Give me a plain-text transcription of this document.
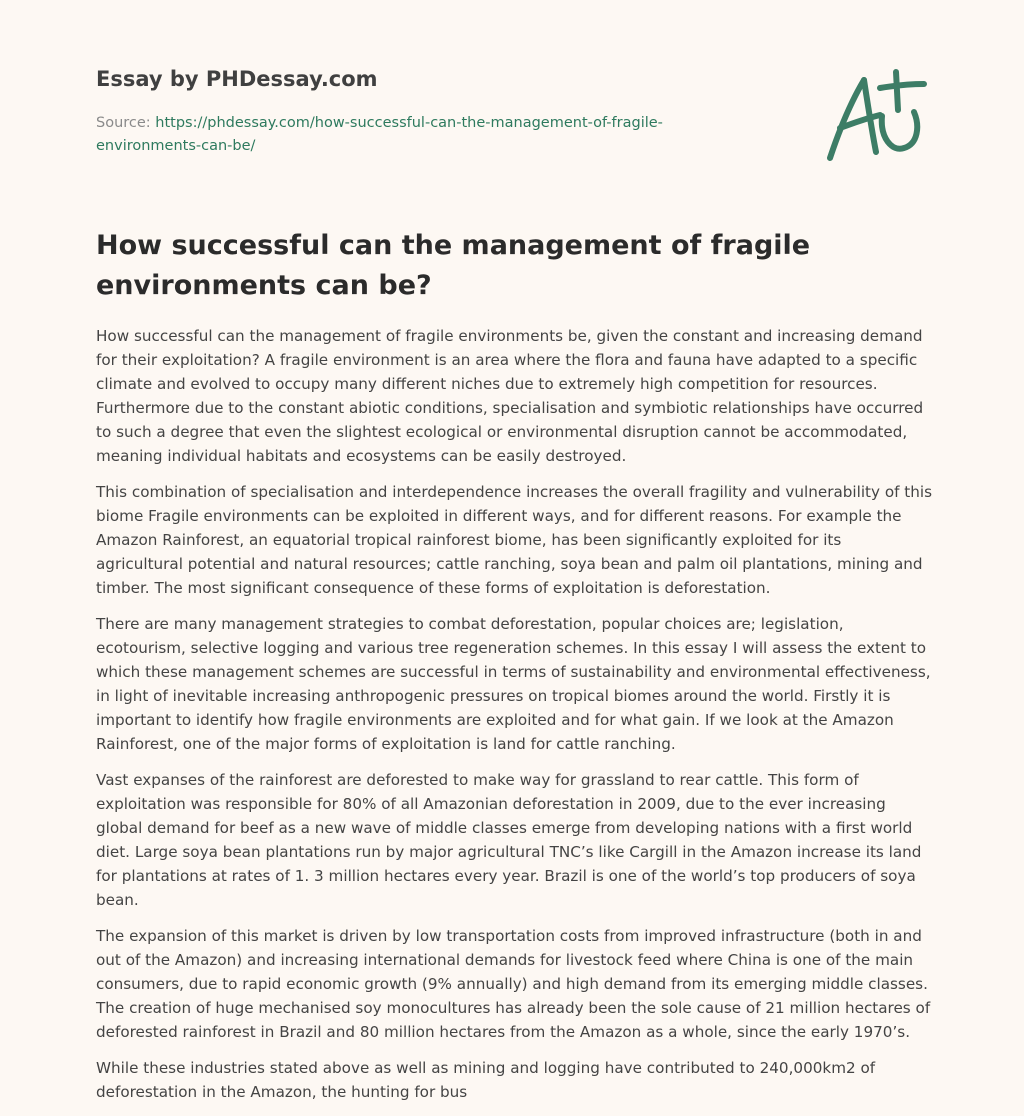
Essay by PHDessay.com
Source: https://phdessay.com/how-successful-can-the-management-of-fragile-environments-can-be/
How successful can the management of fragile environments can be?

How successful can the management of fragile environments be, given the constant and increasing demand for their exploitation? A fragile environment is an area where the flora and fauna have adapted to a specific climate and evolved to occupy many different niches due to extremely high competition for resources. Furthermore due to the constant abiotic conditions, specialisation and symbiotic relationships have occurred to such a degree that even the slightest ecological or environmental disruption cannot be accommodated, meaning individual habitats and ecosystems can be easily destroyed.

This combination of specialisation and interdependence increases the overall fragility and vulnerability of this biome Fragile environments can be exploited in different ways, and for different reasons. For example the Amazon Rainforest, an equatorial tropical rainforest biome, has been significantly exploited for its agricultural potential and natural resources; cattle ranching, soya bean and palm oil plantations, mining and timber. The most significant consequence of these forms of exploitation is deforestation.

There are many management strategies to combat deforestation, popular choices are; legislation, ecotourism, selective logging and various tree regeneration schemes. In this essay I will assess the extent to which these management schemes are successful in terms of sustainability and environmental effectiveness, in light of inevitable increasing anthropogenic pressures on tropical biomes around the world. Firstly it is important to identify how fragile environments are exploited and for what gain. If we look at the Amazon Rainforest, one of the major forms of exploitation is land for cattle ranching.

Vast expanses of the rainforest are deforested to make way for grassland to rear cattle. This form of exploitation was responsible for 80% of all Amazonian deforestation in 2009, due to the ever increasing global demand for beef as a new wave of middle classes emerge from developing nations with a first world diet. Large soya bean plantations run by major agricultural TNC’s like Cargill in the Amazon increase its land for plantations at rates of 1. 3 million hectares every year. Brazil is one of the world’s top producers of soya bean.

The expansion of this market is driven by low transportation costs from improved infrastructure (both in and out of the Amazon) and increasing international demands for livestock feed where China is one of the main consumers, due to rapid economic growth (9% annually) and high demand from its emerging middle classes. The creation of huge mechanised soy monocultures has already been the sole cause of 21 million hectares of deforested rainforest in Brazil and 80 million hectares from the Amazon as a whole, since the early 1970’s.

While these industries stated above as well as mining and logging have contributed to 240,000km2 of deforestation in the Amazon, the hunting for bus
